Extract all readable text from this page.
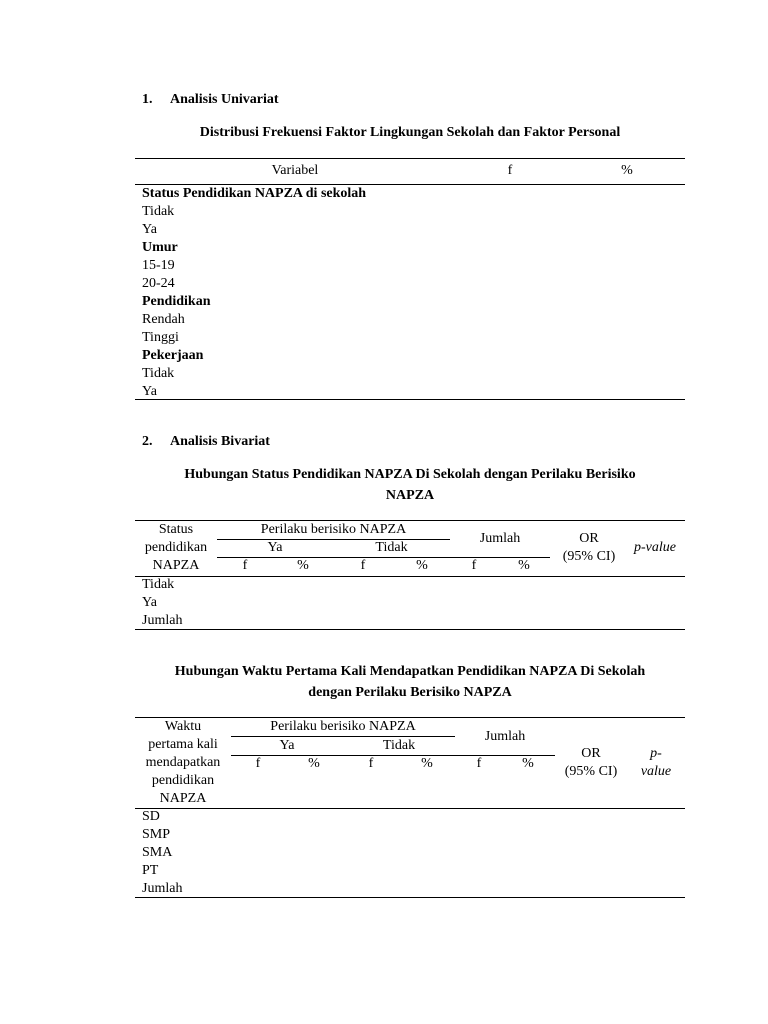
1. Analisis Univariat
Distribusi Frekuensi Faktor Lingkungan Sekolah dan Faktor Personal
Variabel	f	%
Status Pendidikan NAPZA di sekolah
Tidak
Ya
Umur
15-19
20-24
Pendidikan
Rendah
Tinggi
Pekerjaan
Tidak
Ya
2. Analisis Bivariat
Hubungan Status Pendidikan NAPZA Di Sekolah dengan Perilaku Berisiko
NAPZA
Status
pendidikan
NAPZA
Perilaku berisiko NAPZA
Ya	Tidak
Jumlah
f	%	f	%	f	%
OR
(95% CI)
p-value
Tidak
Ya
Jumlah
Hubungan Waktu Pertama Kali Mendapatkan Pendidikan NAPZA Di Sekolah
dengan Perilaku Berisiko NAPZA
Waktu
pertama kali
mendapatkan
pendidikan
NAPZA
Perilaku berisiko NAPZA
Ya	Tidak
Jumlah
f	%	f	%	f	%
OR
(95% CI)
p-
value
SD
SMP
SMA
PT
Jumlah
